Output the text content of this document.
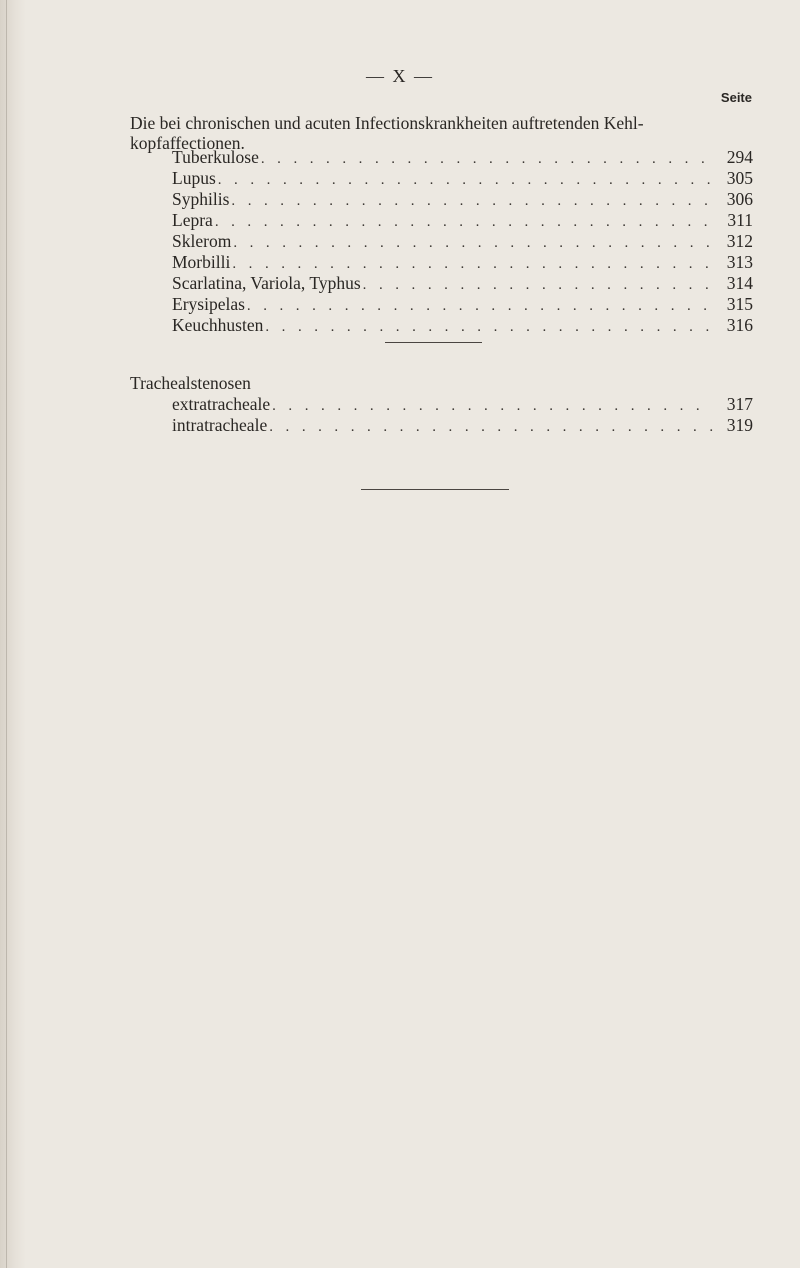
— X —
Seite
Die bei chronischen und acuten Infectionskrankheiten auftretenden Kehl-
kopfaffectionen.
Tuberkulose . . .	294
Lupus . . .	305
Syphilis . . .	306
Lepra . . .	311
Sklerom . . .	312
Morbilli . . .	313
Scarlatina, Variola, Typhus . . .	314
Erysipelas . . .	315
Keuchhusten . . .	316
Trachealstenosen
extratracheale . . .	317
intratracheale . . .	319
